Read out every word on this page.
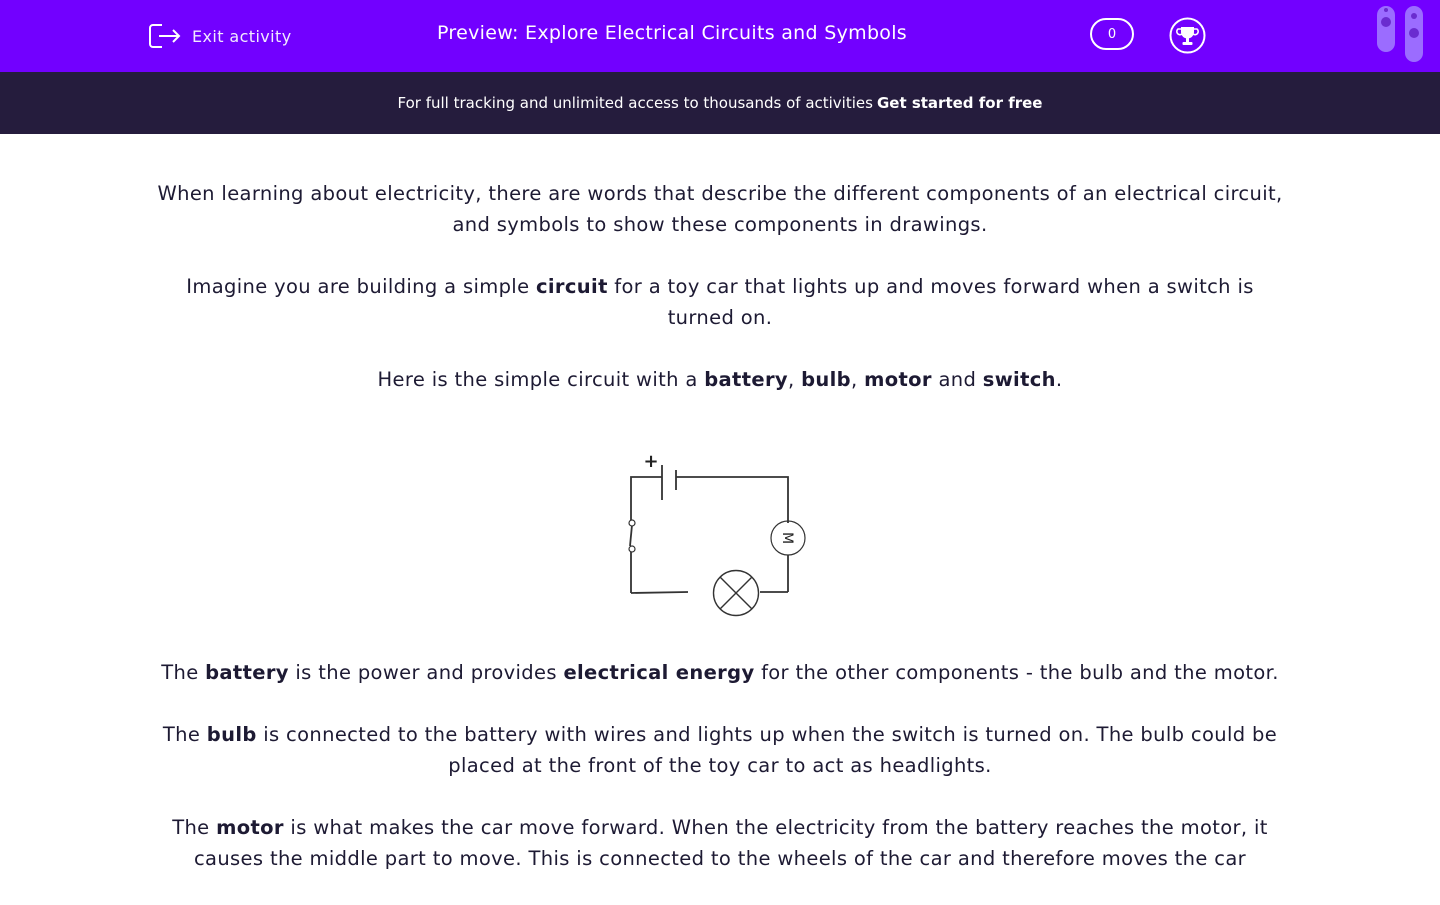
Exit activity	Preview: Explore Electrical Circuits and Symbols	0
For full tracking and unlimited access to thousands of activities Get started for free

When learning about electricity, there are words that describe the different components of an electrical circuit, and symbols to show these components in drawings.

Imagine you are building a simple circuit for a toy car that lights up and moves forward when a switch is turned on.

Here is the simple circuit with a battery, bulb, motor and switch.

+
M

The battery is the power and provides electrical energy for the other components - the bulb and the motor.

The bulb is connected to the battery with wires and lights up when the switch is turned on. The bulb could be placed at the front of the toy car to act as headlights.

The motor is what makes the car move forward. When the electricity from the battery reaches the motor, it causes the middle part to move. This is connected to the wheels of the car and therefore moves the car
